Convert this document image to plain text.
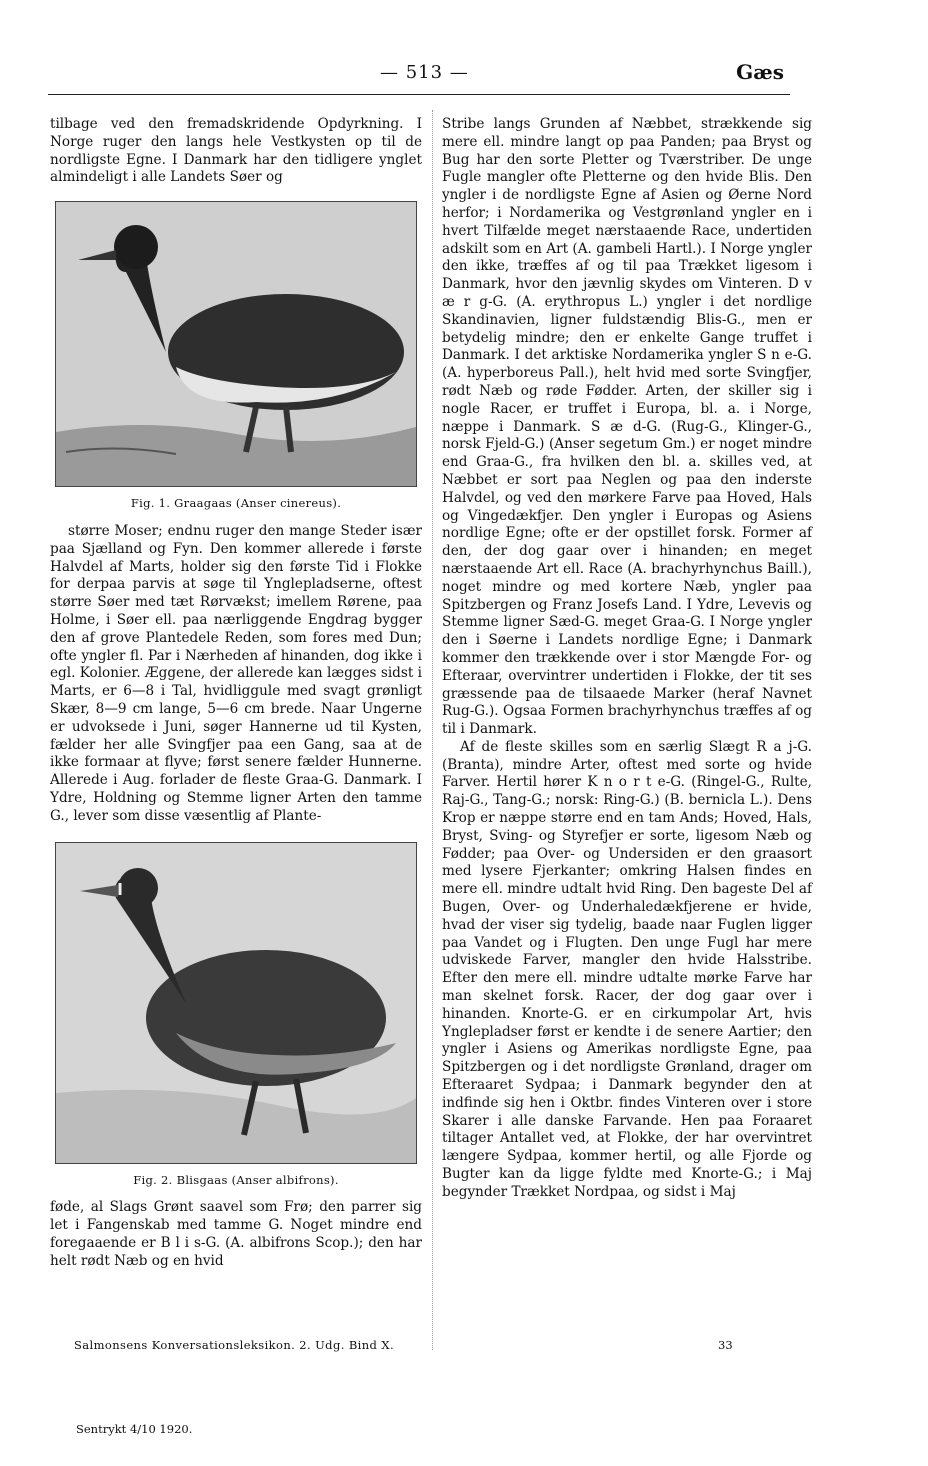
— 513 —	Gæs

tilbage ved den fremadskridende Opdyrkning. I Norge ruger den langs hele Vestkysten op til de nordligste Egne. I Danmark har den tidligere ynglet almindeligt i alle Landets Søer og

Fig. 1. Graagaas (Anser cinereus).

større Moser; endnu ruger den mange Steder især paa Sjælland og Fyn. Den kommer allerede i første Halvdel af Marts, holder sig den første Tid i Flokke for derpaa parvis at søge til Ynglepladserne, oftest større Søer med tæt Rørvækst; imellem Rørene, paa Holme, i Søer ell. paa nærliggende Engdrag bygger den af grove Plantedele Reden, som fores med Dun; ofte yngler fl. Par i Nærheden af hinanden, dog ikke i egl. Kolonier. Æggene, der allerede kan lægges sidst i Marts, er 6—8 i Tal, hvidliggule med svagt grønligt Skær, 8—9 cm lange, 5—6 cm brede. Naar Ungerne er udvoksede i Juni, søger Hannerne ud til Kysten, fælder her alle Svingfjer paa een Gang, saa at de ikke formaar at flyve; først senere fælder Hunnerne. Allerede i Aug. forlader de fleste Graa-G. Danmark. I Ydre, Holdning og Stemme ligner Arten den tamme G., lever som disse væsentlig af Plante-

Fig. 2. Blisgaas (Anser albifrons).

føde, al Slags Grønt saavel som Frø; den parrer sig let i Fangenskab med tamme G. Noget mindre end foregaaende er B l i s-G. (A. albifrons Scop.); den har helt rødt Næb og en hvid

Stribe langs Grunden af Næbbet, strækkende sig mere ell. mindre langt op paa Panden; paa Bryst og Bug har den sorte Pletter og Tværstriber. De unge Fugle mangler ofte Pletterne og den hvide Blis. Den yngler i de nordligste Egne af Asien og Øerne Nord herfor; i Nordamerika og Vestgrønland yngler en i hvert Tilfælde meget nærstaaende Race, undertiden adskilt som en Art (A. gambeli Hartl.). I Norge yngler den ikke, træffes af og til paa Trækket ligesom i Danmark, hvor den jævnlig skydes om Vinteren. D v æ r g-G. (A. erythropus L.) yngler i det nordlige Skandinavien, ligner fuldstændig Blis-G., men er betydelig mindre; den er enkelte Gange truffet i Danmark. I det arktiske Nordamerika yngler S n e-G. (A. hyperboreus Pall.), helt hvid med sorte Svingfjer, rødt Næb og røde Fødder. Arten, der skiller sig i nogle Racer, er truffet i Europa, bl. a. i Norge, næppe i Danmark. S æ d-G. (Rug-G., Klinger-G., norsk Fjeld-G.) (Anser segetum Gm.) er noget mindre end Graa-G., fra hvilken den bl. a. skilles ved, at Næbbet er sort paa Neglen og paa den inderste Halvdel, og ved den mørkere Farve paa Hoved, Hals og Vingedækfjer. Den yngler i Europas og Asiens nordlige Egne; ofte er der opstillet forsk. Former af den, der dog gaar over i hinanden; en meget nærstaaende Art ell. Race (A. brachyrhynchus Baill.), noget mindre og med kortere Næb, yngler paa Spitzbergen og Franz Josefs Land. I Ydre, Levevis og Stemme ligner Sæd-G. meget Graa-G. I Norge yngler den i Søerne i Landets nordlige Egne; i Danmark kommer den trækkende over i stor Mængde For- og Efteraar, overvintrer undertiden i Flokke, der tit ses græssende paa de tilsaaede Marker (heraf Navnet Rug-G.). Ogsaa Formen brachyrhynchus træffes af og til i Danmark.

Af de fleste skilles som en særlig Slægt R a j-G. (Branta), mindre Arter, oftest med sorte og hvide Farver. Hertil hører K n o r t e-G. (Ringel-G., Rulte, Raj-G., Tang-G.; norsk: Ring-G.) (B. bernicla L.). Dens Krop er næppe større end en tam Ands; Hoved, Hals, Bryst, Sving- og Styrefjer er sorte, ligesom Næb og Fødder; paa Over- og Undersiden er den graasort med lysere Fjerkanter; omkring Halsen findes en mere ell. mindre udtalt hvid Ring. Den bageste Del af Bugen, Over- og Underhaledækfjerene er hvide, hvad der viser sig tydelig, baade naar Fuglen ligger paa Vandet og i Flugten. Den unge Fugl har mere udviskede Farver, mangler den hvide Halsstribe. Efter den mere ell. mindre udtalte mørke Farve har man skelnet forsk. Racer, der dog gaar over i hinanden. Knorte-G. er en cirkumpolar Art, hvis Ynglepladser først er kendte i de senere Aartier; den yngler i Asiens og Amerikas nordligste Egne, paa Spitzbergen og i det nordligste Grønland, drager om Efteraaret Sydpaa; i Danmark begynder den at indfinde sig hen i Oktbr. findes Vinteren over i store Skarer i alle danske Farvande. Hen paa Foraaret tiltager Antallet ved, at Flokke, der har overvintret længere Sydpaa, kommer hertil, og alle Fjorde og Bugter kan da ligge fyldte med Knorte-G.; i Maj begynder Trækket Nordpaa, og sidst i Maj

Salmonsens Konversationsleksikon. 2. Udg. Bind X.	33
Sentrykt 4/10 1920.
